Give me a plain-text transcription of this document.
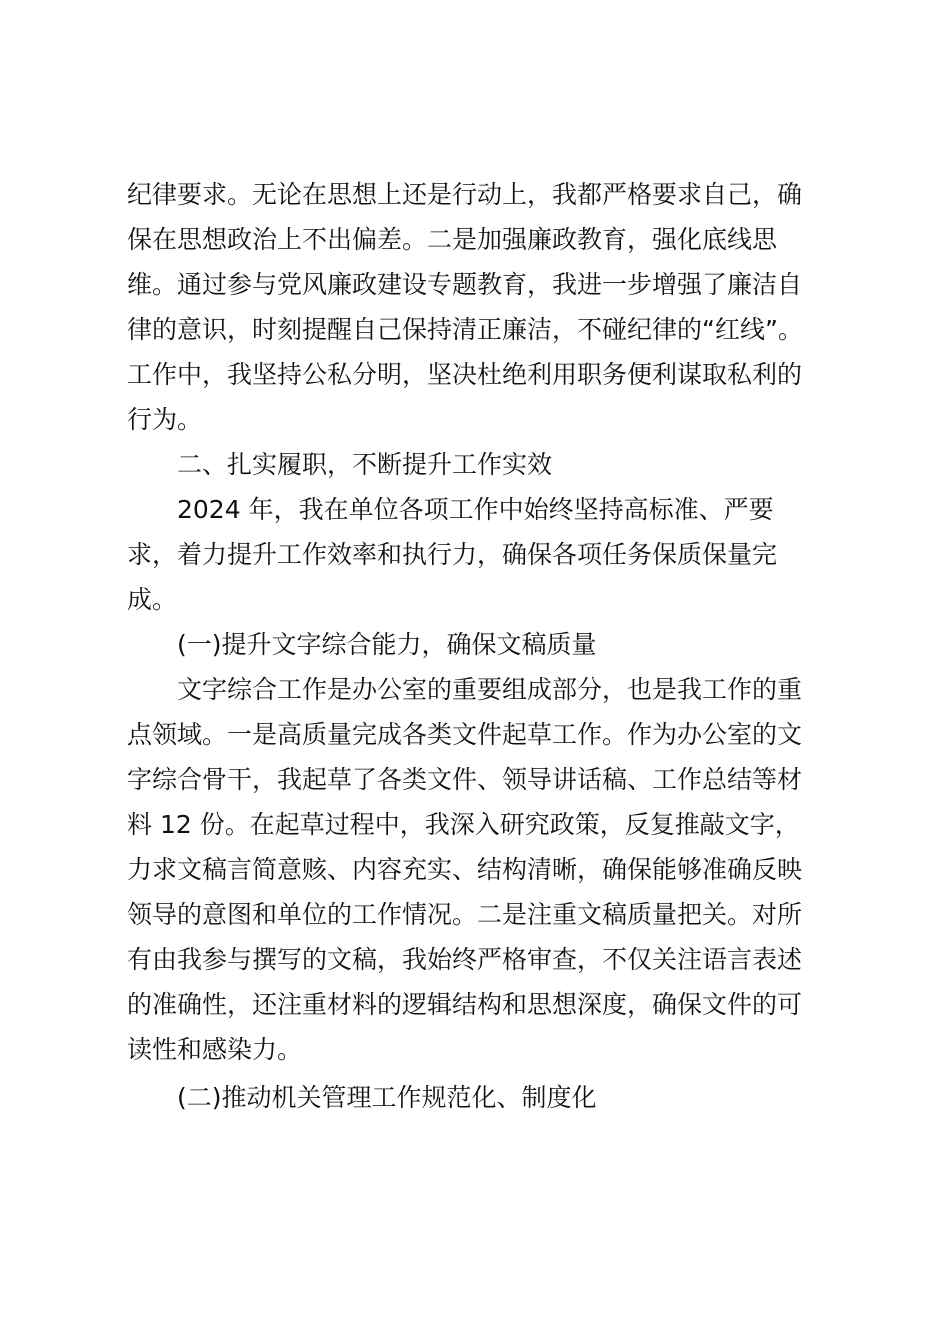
纪律要求。无论在思想上还是行动上，我都严格要求自己，确
保在思想政治上不出偏差。二是加强廉政教育，强化底线思
维。通过参与党风廉政建设专题教育，我进一步增强了廉洁自
律的意识，时刻提醒自己保持清正廉洁，不碰纪律的“红线”。
工作中，我坚持公私分明，坚决杜绝利用职务便利谋取私利的
行为。
二、扎实履职，不断提升工作实效
2024 年，我在单位各项工作中始终坚持高标准、严要
求，着力提升工作效率和执行力，确保各项任务保质保量完
成。
(一)提升文字综合能力，确保文稿质量
文字综合工作是办公室的重要组成部分，也是我工作的重
点领域。一是高质量完成各类文件起草工作。作为办公室的文
字综合骨干，我起草了各类文件、领导讲话稿、工作总结等材
料 12 份。在起草过程中，我深入研究政策，反复推敲文字，
力求文稿言简意赅、内容充实、结构清晰，确保能够准确反映
领导的意图和单位的工作情况。二是注重文稿质量把关。对所
有由我参与撰写的文稿，我始终严格审查，不仅关注语言表述
的准确性，还注重材料的逻辑结构和思想深度，确保文件的可
读性和感染力。
(二)推动机关管理工作规范化、制度化
